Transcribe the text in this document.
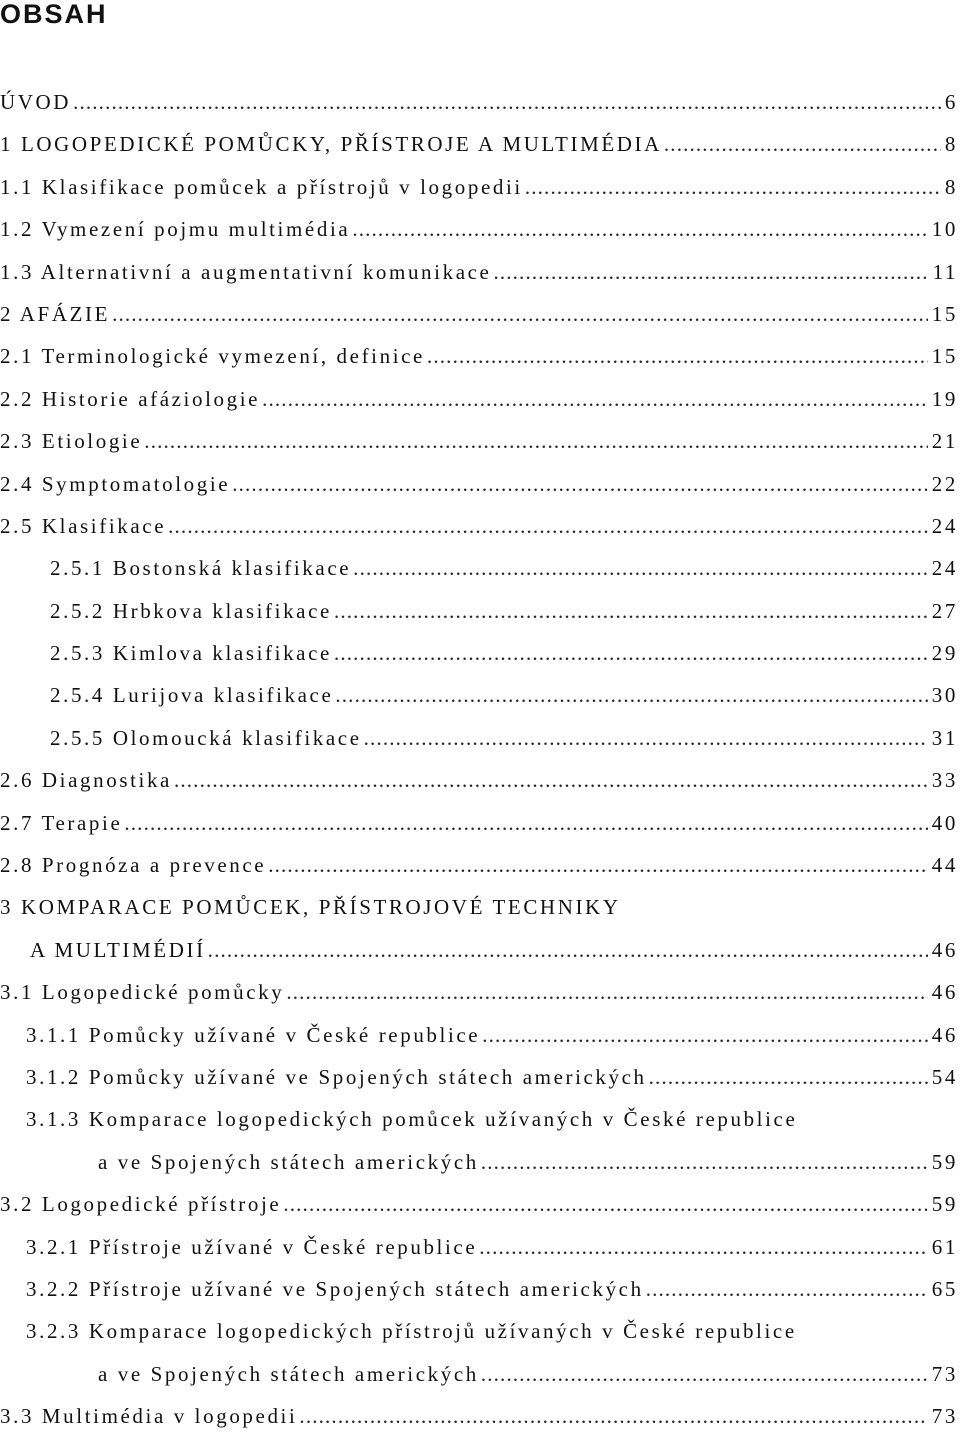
OBSAH
ÚVOD . . .	6
1 LOGOPEDICKÉ POMŮCKY, PŘÍSTROJE A MULTIMÉDIA . . .	8
1.1 Klasifikace pomůcek a přístrojů v logopedii . . .	8
1.2 Vymezení pojmu multimédia . . .	10
1.3 Alternativní a augmentativní komunikace . . .	11
2 AFÁZIE . . .	15
2.1 Terminologické vymezení, definice . . .	15
2.2 Historie afáziologie . . .	19
2.3 Etiologie . . .	21
2.4 Symptomatologie . . .	22
2.5 Klasifikace . . .	24
2.5.1 Bostonská klasifikace . . .	24
2.5.2 Hrbkova klasifikace . . .	27
2.5.3 Kimlova klasifikace . . .	29
2.5.4 Lurijova klasifikace . . .	30
2.5.5 Olomoucká klasifikace . . .	31
2.6 Diagnostika . . .	33
2.7 Terapie . . .	40
2.8 Prognóza a prevence . . .	44
3 KOMPARACE POMŮCEK, PŘÍSTROJOVÉ TECHNIKY
A MULTIMÉDIÍ . . .	46
3.1 Logopedické pomůcky . . .	46
3.1.1 Pomůcky užívané v České republice . . .	46
3.1.2 Pomůcky užívané ve Spojených státech amerických . . .	54
3.1.3 Komparace logopedických pomůcek užívaných v České republice
a ve Spojených státech amerických . . .	59
3.2 Logopedické přístroje . . .	59
3.2.1 Přístroje užívané v České republice . . .	61
3.2.2 Přístroje užívané ve Spojených státech amerických . . .	65
3.2.3 Komparace logopedických přístrojů užívaných v České republice
a ve Spojených státech amerických . . .	73
3.3 Multimédia v logopedii . . .	73
